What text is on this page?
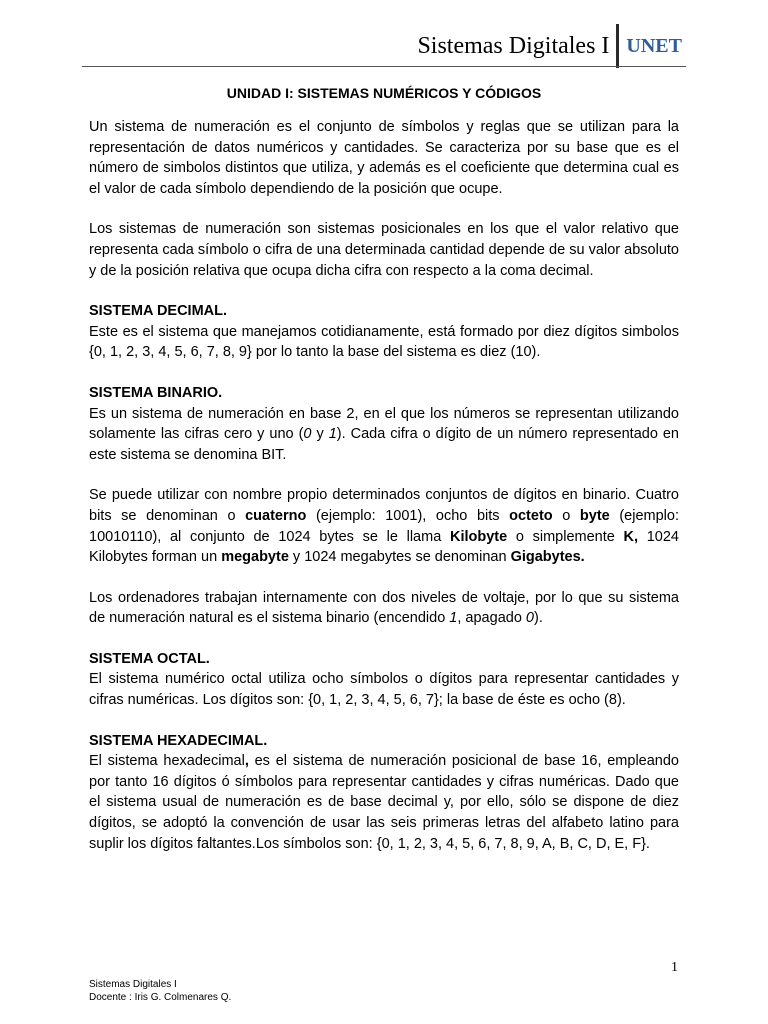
Sistemas Digitales I UNET
UNIDAD I: SISTEMAS NUMÉRICOS Y CÓDIGOS

Un sistema de numeración es el conjunto de símbolos y reglas que se utilizan para la representación de datos numéricos y cantidades. Se caracteriza por su base que es el número de simbolos distintos que utiliza, y además es el coeficiente que determina cual es el valor de cada símbolo dependiendo de la posición que ocupe.

Los sistemas de numeración son sistemas posicionales en los que el valor relativo que representa cada símbolo o cifra de una determinada cantidad depende de su valor absoluto y de la posición relativa que ocupa dicha cifra con respecto a la coma decimal.

SISTEMA DECIMAL.
Este es el sistema que manejamos cotidianamente, está formado por diez dígitos simbolos {0, 1, 2, 3, 4, 5, 6, 7, 8, 9} por lo tanto la base del sistema es diez (10).

SISTEMA BINARIO.
Es un sistema de numeración en base 2, en el que los números se representan utilizando solamente las cifras cero y uno (0 y 1). Cada cifra o dígito de un número representado en este sistema se denomina BIT.

Se puede utilizar con nombre propio determinados conjuntos de dígitos en binario. Cuatro bits se denominan o cuaterno (ejemplo: 1001), ocho bits octeto o byte (ejemplo: 10010110), al conjunto de 1024 bytes se le llama Kilobyte o simplemente K, 1024 Kilobytes forman un megabyte y 1024 megabytes se denominan Gigabytes.

Los ordenadores trabajan internamente con dos niveles de voltaje, por lo que su sistema de numeración natural es el sistema binario (encendido 1, apagado 0).

SISTEMA OCTAL.
El sistema numérico octal utiliza ocho símbolos o dígitos para representar cantidades y cifras numéricas. Los dígitos son: {0, 1, 2, 3, 4, 5, 6, 7}; la base de éste es ocho (8).

SISTEMA HEXADECIMAL.
El sistema hexadecimal, es el sistema de numeración posicional de base 16, empleando por tanto 16 dígitos ó símbolos para representar cantidades y cifras numéricas. Dado que el sistema usual de numeración es de base decimal y, por ello, sólo se dispone de diez dígitos, se adoptó la convención de usar las seis primeras letras del alfabeto latino para suplir los dígitos faltantes.Los símbolos son: {0, 1, 2, 3, 4, 5, 6, 7, 8, 9, A, B, C, D, E, F}.

1
Sistemas Digitales I
Docente : Iris G. Colmenares Q.
